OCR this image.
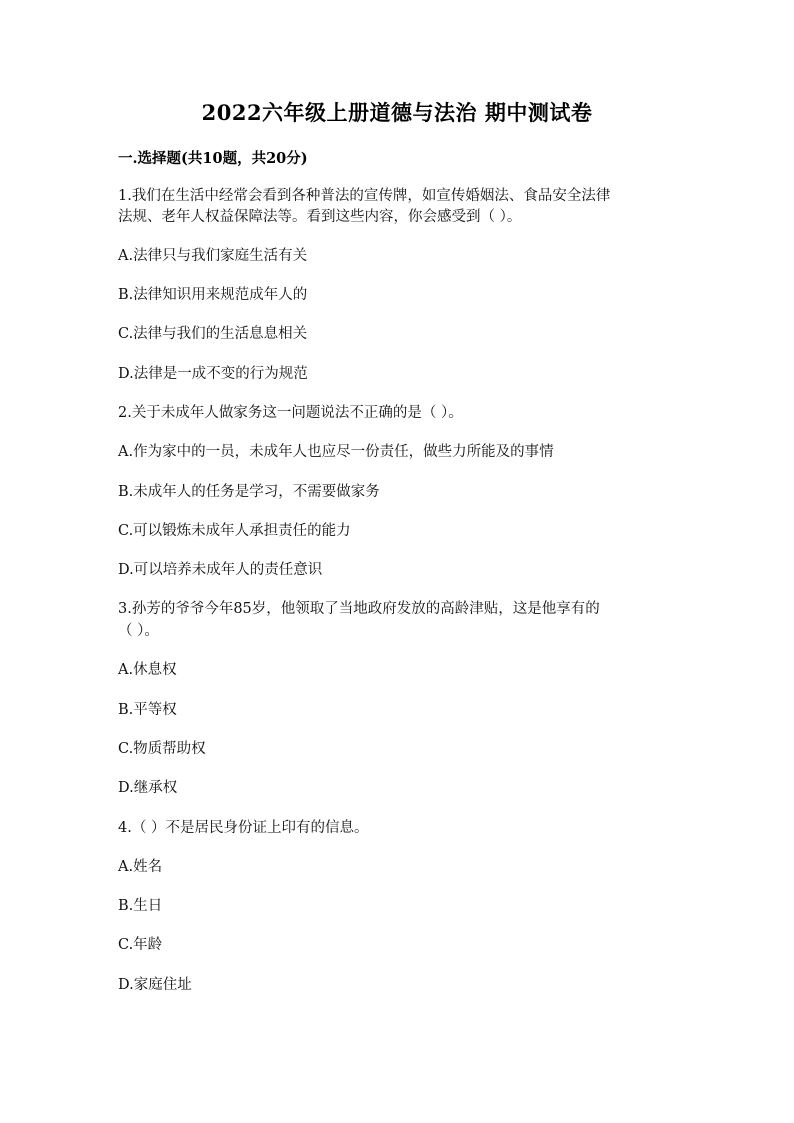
2022六年级上册道德与法治 期中测试卷
一.选择题(共10题，共20分)
1.我们在生活中经常会看到各种普法的宣传牌，如宣传婚姻法、食品安全法律
法规、老年人权益保障法等。看到这些内容，你会感受到（ ）。
A.法律只与我们家庭生活有关
B.法律知识用来规范成年人的
C.法律与我们的生活息息相关
D.法律是一成不变的行为规范
2.关于未成年人做家务这一问题说法不正确的是（ ）。
A.作为家中的一员，未成年人也应尽一份责任，做些力所能及的事情
B.未成年人的任务是学习，不需要做家务
C.可以锻炼未成年人承担责任的能力
D.可以培养未成年人的责任意识
3.孙芳的爷爷今年85岁，他领取了当地政府发放的高龄津贴，这是他享有的
（ ）。
A.休息权
B.平等权
C.物质帮助权
D.继承权
4.（ ）不是居民身份证上印有的信息。
A.姓名
B.生日
C.年龄
D.家庭住址
